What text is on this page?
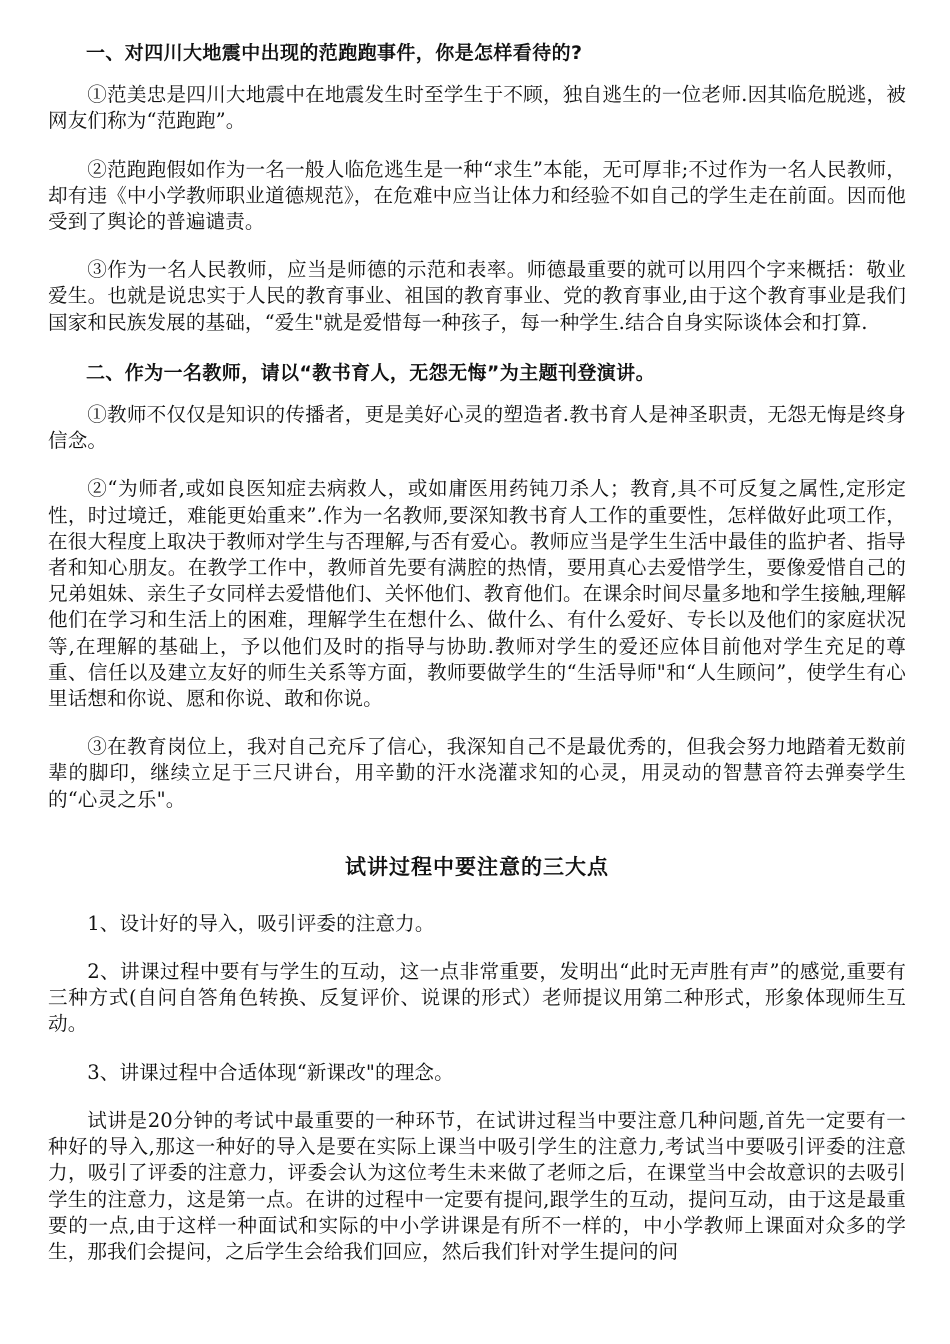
一、对四川大地震中出现的范跑跑事件，你是怎样看待的?

①范美忠是四川大地震中在地震发生时至学生于不顾，独自逃生的一位老师.因其临危脱逃，被网友们称为“范跑跑”。

②范跑跑假如作为一名一般人临危逃生是一种“求生”本能，无可厚非;不过作为一名人民教师，却有违《中小学教师职业道德规范》，在危难中应当让体力和经验不如自己的学生走在前面。因而他受到了舆论的普遍谴责。

③作为一名人民教师，应当是师德的示范和表率。师德最重要的就可以用四个字来概括：敬业爱生。也就是说忠实于人民的教育事业、祖国的教育事业、党的教育事业,由于这个教育事业是我们国家和民族发展的基础，“爱生"就是爱惜每一种孩子，每一种学生.结合自身实际谈体会和打算.

二、作为一名教师，请以“教书育人，无怨无悔”为主题刊登演讲。

①教师不仅仅是知识的传播者，更是美好心灵的塑造者.教书育人是神圣职责，无怨无悔是终身信念。

②“为师者,或如良医知症去病救人，或如庸医用药钝刀杀人；教育,具不可反复之属性,定形定性，时过境迁，难能更始重来”.作为一名教师,要深知教书育人工作的重要性，怎样做好此项工作，在很大程度上取决于教师对学生与否理解,与否有爱心。教师应当是学生生活中最佳的监护者、指导者和知心朋友。在教学工作中，教师首先要有满腔的热情，要用真心去爱惜学生，要像爱惜自己的兄弟姐妹、亲生子女同样去爱惜他们、关怀他们、教育他们。在课余时间尽量多地和学生接触,理解他们在学习和生活上的困难，理解学生在想什么、做什么、有什么爱好、专长以及他们的家庭状况等,在理解的基础上，予以他们及时的指导与协助.教师对学生的爱还应体目前他对学生充足的尊重、信任以及建立友好的师生关系等方面，教师要做学生的“生活导师"和“人生顾问”，使学生有心里话想和你说、愿和你说、敢和你说。

③在教育岗位上，我对自己充斥了信心，我深知自己不是最优秀的，但我会努力地踏着无数前辈的脚印，继续立足于三尺讲台，用辛勤的汗水浇灌求知的心灵，用灵动的智慧音符去弹奏学生的“心灵之乐"。

试讲过程中要注意的三大点

1、设计好的导入，吸引评委的注意力。

2、讲课过程中要有与学生的互动，这一点非常重要，发明出“此时无声胜有声”的感觉,重要有三种方式(自问自答角色转换、反复评价、说课的形式）老师提议用第二种形式，形象体现师生互动。

3、讲课过程中合适体现“新课改"的理念。

试讲是20分钟的考试中最重要的一种环节，在试讲过程当中要注意几种问题,首先一定要有一种好的导入,那这一种好的导入是要在实际上课当中吸引学生的注意力,考试当中要吸引评委的注意力，吸引了评委的注意力，评委会认为这位考生未来做了老师之后，在课堂当中会故意识的去吸引学生的注意力，这是第一点。在讲的过程中一定要有提问,跟学生的互动，提问互动，由于这是最重要的一点,由于这样一种面试和实际的中小学讲课是有所不一样的，中小学教师上课面对众多的学生，那我们会提问，之后学生会给我们回应，然后我们针对学生提问的问
